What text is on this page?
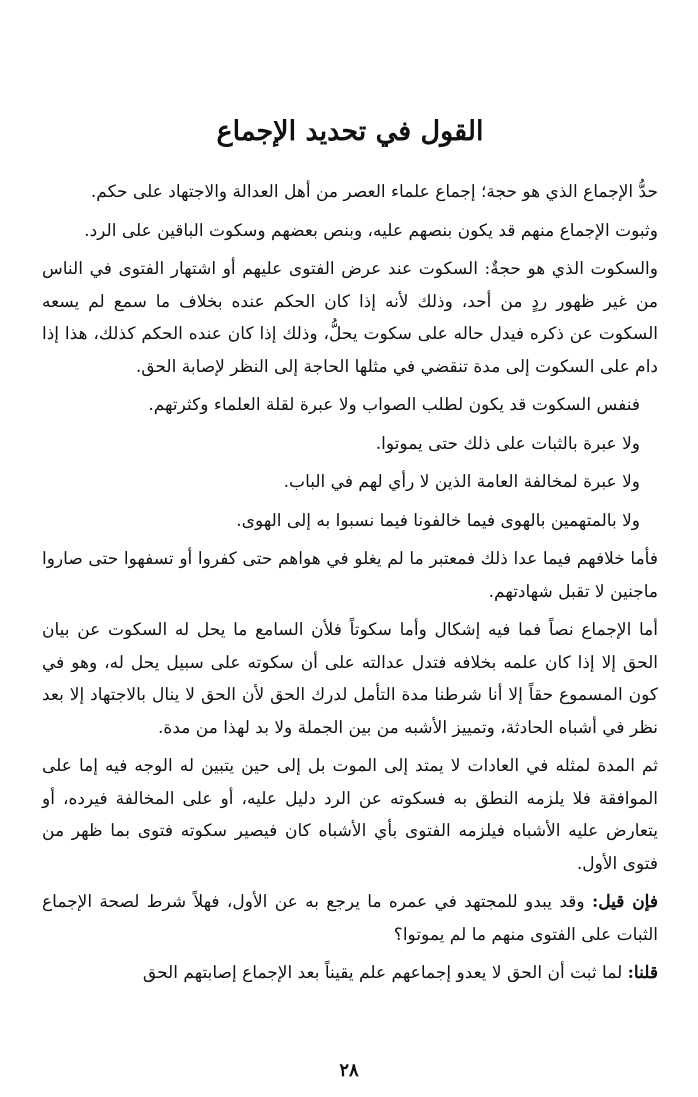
القول في تحديد الإجماع

حدُّ الإجماع الذي هو حجة؛ إجماع علماء العصر من أهل العدالة والاجتهاد على حكم.

وثبوت الإجماع منهم قد يكون بنصهم عليه، وبنص بعضهم وسكوت الباقين على الرد.

والسكوت الذي هو حجةٌ: السكوت عند عرض الفتوى عليهم أو اشتهار الفتوى في الناس من غير ظهور ردٍ من أحد، وذلك لأنه إذا كان الحكم عنده بخلاف ما سمع لم يسعه السكوت عن ذكره فيدل حاله على سكوت يحلُّ، وذلك إذا كان عنده الحكم كذلك، هذا إذا دام على السكوت إلى مدة تنقضي في مثلها الحاجة إلى النظر لإصابة الحق.

فنفس السكوت قد يكون لطلب الصواب ولا عبرة لقلة العلماء وكثرتهم.

ولا عبرة بالثبات على ذلك حتى يموتوا.

ولا عبرة لمخالفة العامة الذين لا رأي لهم في الباب.

ولا بالمتهمين بالهوى فيما خالفونا فيما نسبوا به إلى الهوى.

فأما خلافهم فيما عدا ذلك فمعتبر ما لم يغلو في هواهم حتى كفروا أو تسفهوا حتى صاروا ماجنين لا تقبل شهادتهم.

أما الإجماع نصاً فما فيه إشكال وأما سكوتاً فلأن السامع ما يحل له السكوت عن بيان الحق إلا إذا كان علمه بخلافه فتدل عدالته على أن سكوته على سبيل يحل له، وهو في كون المسموع حقاً إلا أنا شرطنا مدة التأمل لدرك الحق لأن الحق لا ينال بالاجتهاد إلا بعد نظر في أشباه الحادثة، وتمييز الأشبه من بين الجملة ولا بد لهذا من مدة.

ثم المدة لمثله في العادات لا يمتد إلى الموت بل إلى حين يتبين له الوجه فيه إما على الموافقة فلا يلزمه النطق به فسكوته عن الرد دليل عليه، أو على المخالفة فيرده، أو يتعارض عليه الأشباه فيلزمه الفتوى بأي الأشباه كان فيصير سكوته فتوى بما ظهر من فتوى الأول.

فإن قيل: وقد يبدو للمجتهد في عمره ما يرجع به عن الأول، فهلاً شرط لصحة الإجماع الثبات على الفتوى منهم ما لم يموتوا؟

قلنا: لما ثبت أن الحق لا يعدو إجماعهم علم يقيناً بعد الإجماع إصابتهم الحق

٢٨
